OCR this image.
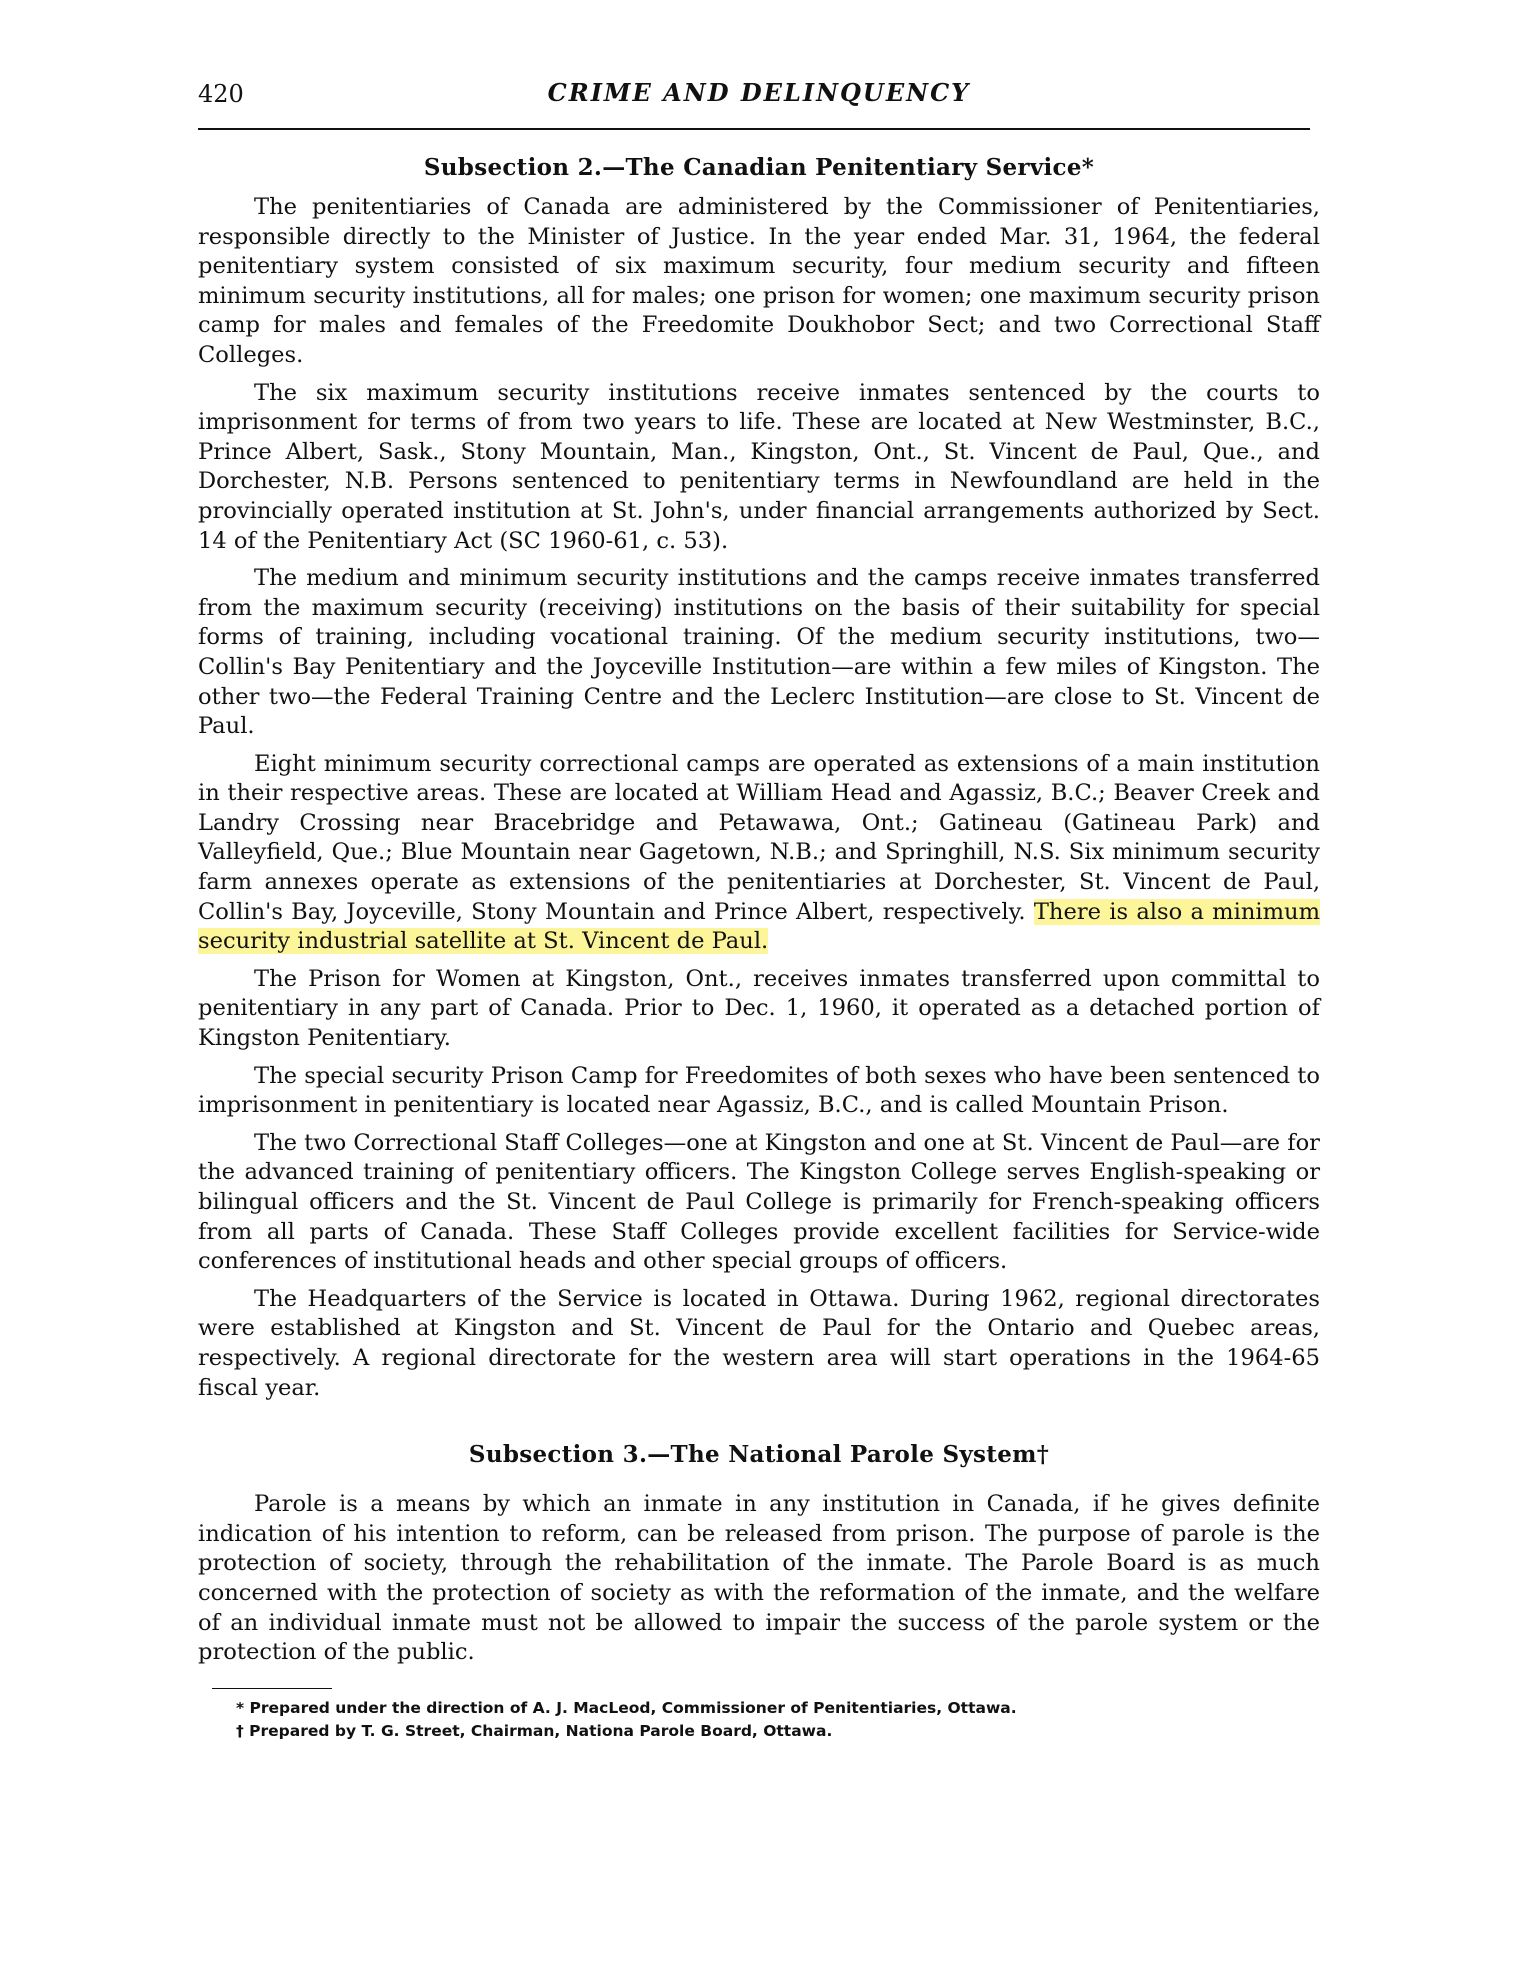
420	CRIME AND DELINQUENCY
Subsection 2.—The Canadian Penitentiary Service*

The penitentiaries of Canada are administered by the Commissioner of Penitentiaries, responsible directly to the Minister of Justice. In the year ended Mar. 31, 1964, the federal penitentiary system consisted of six maximum security, four medium security and fifteen minimum security institutions, all for males; one prison for women; one maximum security prison camp for males and females of the Freedomite Doukhobor Sect; and two Correctional Staff Colleges.

The six maximum security institutions receive inmates sentenced by the courts to imprisonment for terms of from two years to life. These are located at New Westminster, B.C., Prince Albert, Sask., Stony Mountain, Man., Kingston, Ont., St. Vincent de Paul, Que., and Dorchester, N.B. Persons sentenced to penitentiary terms in Newfoundland are held in the provincially operated institution at St. John's, under financial arrangements authorized by Sect. 14 of the Penitentiary Act (SC 1960-61, c. 53).

The medium and minimum security institutions and the camps receive inmates transferred from the maximum security (receiving) institutions on the basis of their suitability for special forms of training, including vocational training. Of the medium security institutions, two—Collin's Bay Penitentiary and the Joyceville Institution—are within a few miles of Kingston. The other two—the Federal Training Centre and the Leclerc Institution—are close to St. Vincent de Paul.

Eight minimum security correctional camps are operated as extensions of a main institution in their respective areas. These are located at William Head and Agassiz, B.C.; Beaver Creek and Landry Crossing near Bracebridge and Petawawa, Ont.; Gatineau (Gatineau Park) and Valleyfield, Que.; Blue Mountain near Gagetown, N.B.; and Springhill, N.S. Six minimum security farm annexes operate as extensions of the penitentiaries at Dorchester, St. Vincent de Paul, Collin's Bay, Joyceville, Stony Mountain and Prince Albert, respectively. There is also a minimum security industrial satellite at St. Vincent de Paul.

The Prison for Women at Kingston, Ont., receives inmates transferred upon committal to penitentiary in any part of Canada. Prior to Dec. 1, 1960, it operated as a detached portion of Kingston Penitentiary.

The special security Prison Camp for Freedomites of both sexes who have been sentenced to imprisonment in penitentiary is located near Agassiz, B.C., and is called Mountain Prison.

The two Correctional Staff Colleges—one at Kingston and one at St. Vincent de Paul—are for the advanced training of penitentiary officers. The Kingston College serves English-speaking or bilingual officers and the St. Vincent de Paul College is primarily for French-speaking officers from all parts of Canada. These Staff Colleges provide excellent facilities for Service-wide conferences of institutional heads and other special groups of officers.

The Headquarters of the Service is located in Ottawa. During 1962, regional directorates were established at Kingston and St. Vincent de Paul for the Ontario and Quebec areas, respectively. A regional directorate for the western area will start operations in the 1964-65 fiscal year.

Subsection 3.—The National Parole System†

Parole is a means by which an inmate in any institution in Canada, if he gives definite indication of his intention to reform, can be released from prison. The purpose of parole is the protection of society, through the rehabilitation of the inmate. The Parole Board is as much concerned with the protection of society as with the reformation of the inmate, and the welfare of an individual inmate must not be allowed to impair the success of the parole system or the protection of the public.

* Prepared under the direction of A. J. MacLeod, Commissioner of Penitentiaries, Ottawa.

† Prepared by T. G. Street, Chairman, Nationa Parole Board, Ottawa.
